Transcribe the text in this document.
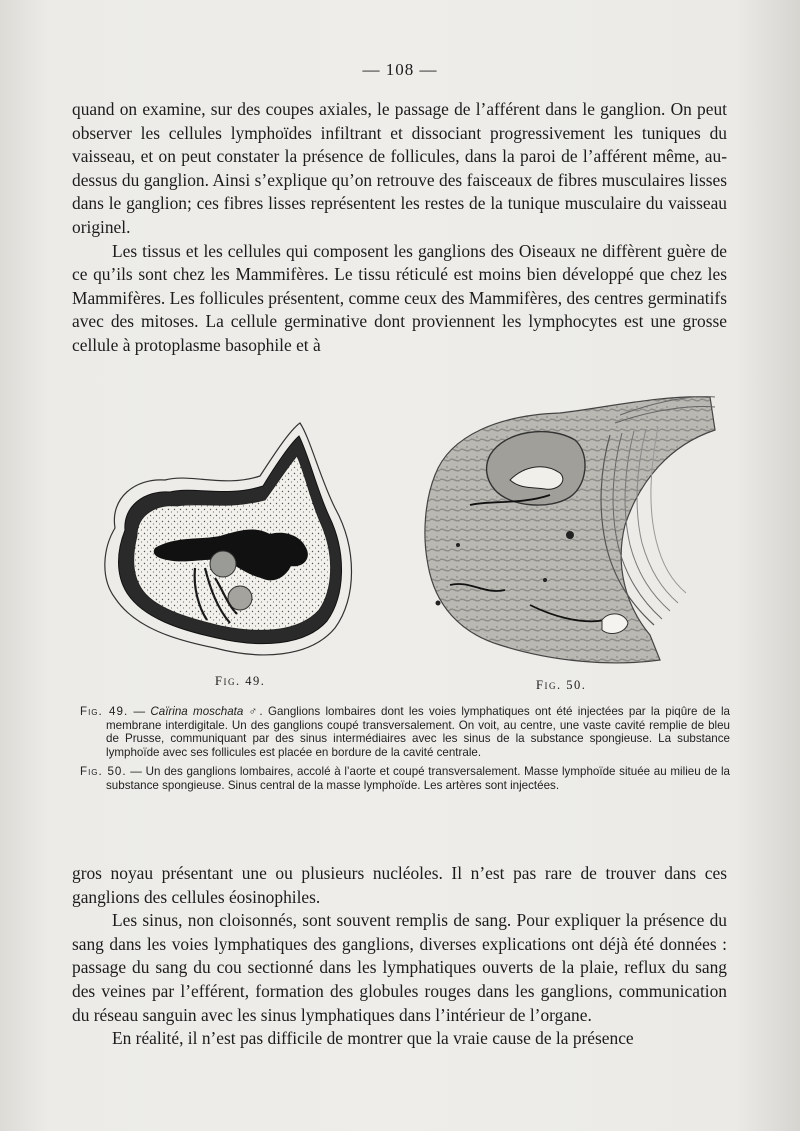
— 108 —

quand on examine, sur des coupes axiales, le passage de l’afférent dans le ganglion. On peut observer les cellules lymphoïdes infiltrant et dissociant progressivement les tuniques du vaisseau, et on peut constater la présence de follicules, dans la paroi de l’afférent même, au-dessus du ganglion. Ainsi s’explique qu’on retrouve des faisceaux de fibres musculaires lisses dans le ganglion; ces fibres lisses représentent les restes de la tunique musculaire du vaisseau originel.

Les tissus et les cellules qui composent les ganglions des Oiseaux ne diffèrent guère de ce qu’ils sont chez les Mammifères. Le tissu réticulé est moins bien développé que chez les Mammifères. Les follicules présentent, comme ceux des Mammifères, des centres germinatifs avec des mitoses. La cellule germinative dont proviennent les lymphocytes est une grosse cellule à protoplasme basophile et à

Fig. 49.	Fig. 50.

Fig. 49. — Caïrina moschata ♂. Ganglions lombaires dont les voies lymphatiques ont été injectées par la piqûre de la membrane interdigitale. Un des ganglions coupé transversalement. On voit, au centre, une vaste cavité remplie de bleu de Prusse, communiquant par des sinus intermédiaires avec les sinus de la substance spongieuse. La substance lymphoïde avec ses follicules est placée en bordure de la cavité centrale.

Fig. 50. — Un des ganglions lombaires, accolé à l’aorte et coupé transversalement. Masse lymphoïde située au milieu de la substance spongieuse. Sinus central de la masse lymphoïde. Les artères sont injectées.

gros noyau présentant une ou plusieurs nucléoles. Il n’est pas rare de trouver dans ces ganglions des cellules éosinophiles.

Les sinus, non cloisonnés, sont souvent remplis de sang. Pour expliquer la présence du sang dans les voies lymphatiques des ganglions, diverses explications ont déjà été données : passage du sang du cou sectionné dans les lymphatiques ouverts de la plaie, reflux du sang des veines par l’efférent, formation des globules rouges dans les ganglions, communication du réseau sanguin avec les sinus lymphatiques dans l’intérieur de l’organe.

En réalité, il n’est pas difficile de montrer que la vraie cause de la présence
